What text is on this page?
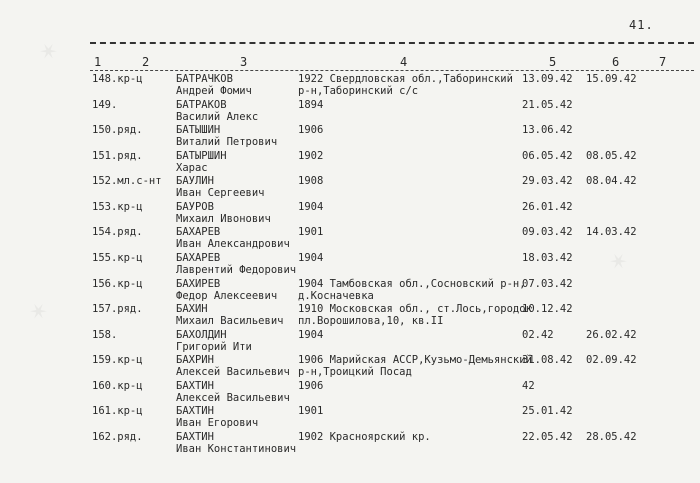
✶
✶
✶
41.
1	2	3	4	5	6	7
148.кр-ц	БАТРАЧКОВ
Андрей Фомич
1922 Свердловская обл.,Таборинский
р-н,Таборинский с/с
13.09.42	15.09.42
149.	БАТРАКОВ
Василий Алекс
1894	21.05.42
150.ряд.	БАТЫШИН
Виталий Петрович
1906	13.06.42
151.ряд.	БАТЫРШИН
Харас
1902	06.05.42	08.05.42
152.мл.с-нт	БАУЛИН
Иван Сергеевич
1908	29.03.42	08.04.42
153.кр-ц	БАУРОВ
Михаил Ивонович
1904	26.01.42
154.ряд.	БАХАРЕВ
Иван Александрович
1901	09.03.42	14.03.42
155.кр-ц	БАХАРЕВ
Лаврентий Федорович
1904	18.03.42
156.кр-ц	БАХИРЕВ
Федор Алексеевич
1904 Тамбовская обл.,Сосновский р-н,
д.Косначевка
07.03.42
157.ряд.	БАХИН
Михаил Васильевич
1910 Московская обл., ст.Лось,городок
пл.Ворошилова,10, кв.II
10.12.42
158.	БАХОЛДИН
Григорий Ити
1904	02.42	26.02.42
159.кр-ц	БАХРИН
Алексей Васильевич
1906 Марийская АССР,Кузьмо-Демьянский
р-н,Троицкий Посад
31.08.42	02.09.42
160.кр-ц	БАХТИН
Алексей Васильевич
1906	42
161.кр-ц	БАХТИН
Иван Егорович
1901	25.01.42
162.ряд.	БАХТИН
Иван Константинович
1902 Красноярский кр.	22.05.42	28.05.42
